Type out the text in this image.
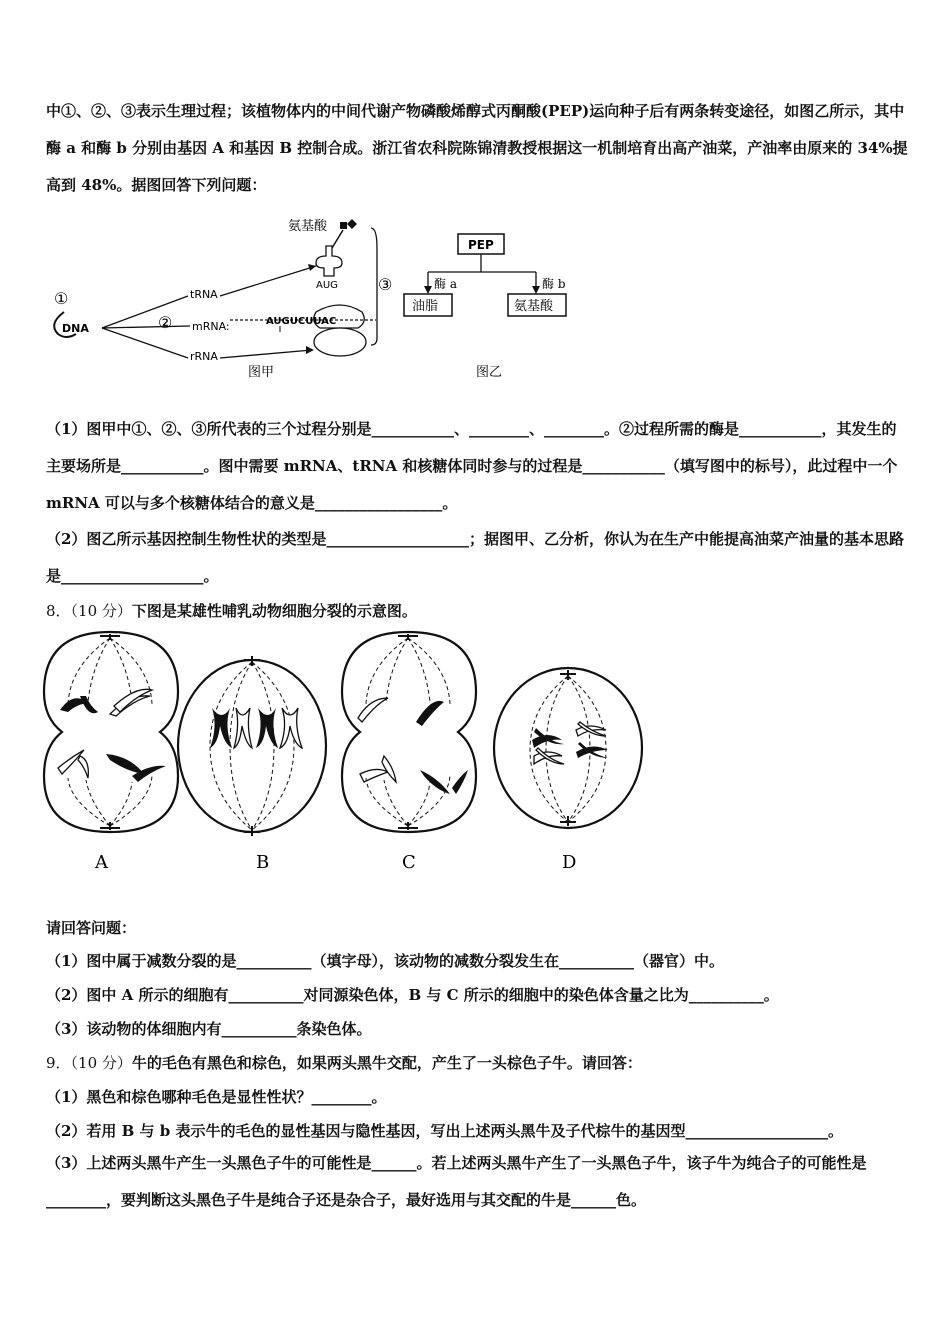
中①、②、③表示生理过程；该植物体内的中间代谢产物磷酸烯醇式丙酮酸(PEP)运向种子后有两条转变途径，如图乙所示，其中酶 a 和酶 b 分别由基因 A 和基因 B 控制合成。浙江省农科院陈锦清教授根据这一机制培育出高产油菜，产油率由原来的 34%提高到 48%。据图回答下列问题：

氨基酸
AUG	③
①
DNA	②
tRNA
mRNA:
rRNA
AUGUCUUAC
图甲
PEP
酶 a	酶 b
油脂	氨基酸
图乙

（1）图甲中①、②、③所代表的三个过程分别是___________、________、________。②过程所需的酶是___________，其发生的主要场所是___________。图中需要 mRNA、tRNA 和核糖体同时参与的过程是___________（填写图中的标号），此过程中一个 mRNA 可以与多个核糖体结合的意义是_________________。

（2）图乙所示基因控制生物性状的类型是___________________；据图甲、乙分析，你认为在生产中能提高油菜产油量的基本思路是___________________。

8．（10 分）下图是某雄性哺乳动物细胞分裂的示意图。
A	B	C	D
请回答问题：
（1）图中属于减数分裂的是__________（填字母），该动物的减数分裂发生在__________（器官）中。
（2）图中 A 所示的细胞有__________对同源染色体，B 与 C 所示的细胞中的染色体含量之比为__________。
（3）该动物的体细胞内有__________条染色体。
9．（10 分）牛的毛色有黑色和棕色，如果两头黑牛交配，产生了一头棕色子牛。请回答：
（1）黑色和棕色哪种毛色是显性性状？________。
（2）若用 B 与 b 表示牛的毛色的显性基因与隐性基因，写出上述两头黑牛及子代棕牛的基因型___________________。

（3）上述两头黑牛产生一头黑色子牛的可能性是______。若上述两头黑牛产生了一头黑色子牛，该子牛为纯合子的可能性是________，要判断这头黑色子牛是纯合子还是杂合子，最好选用与其交配的牛是______色。
